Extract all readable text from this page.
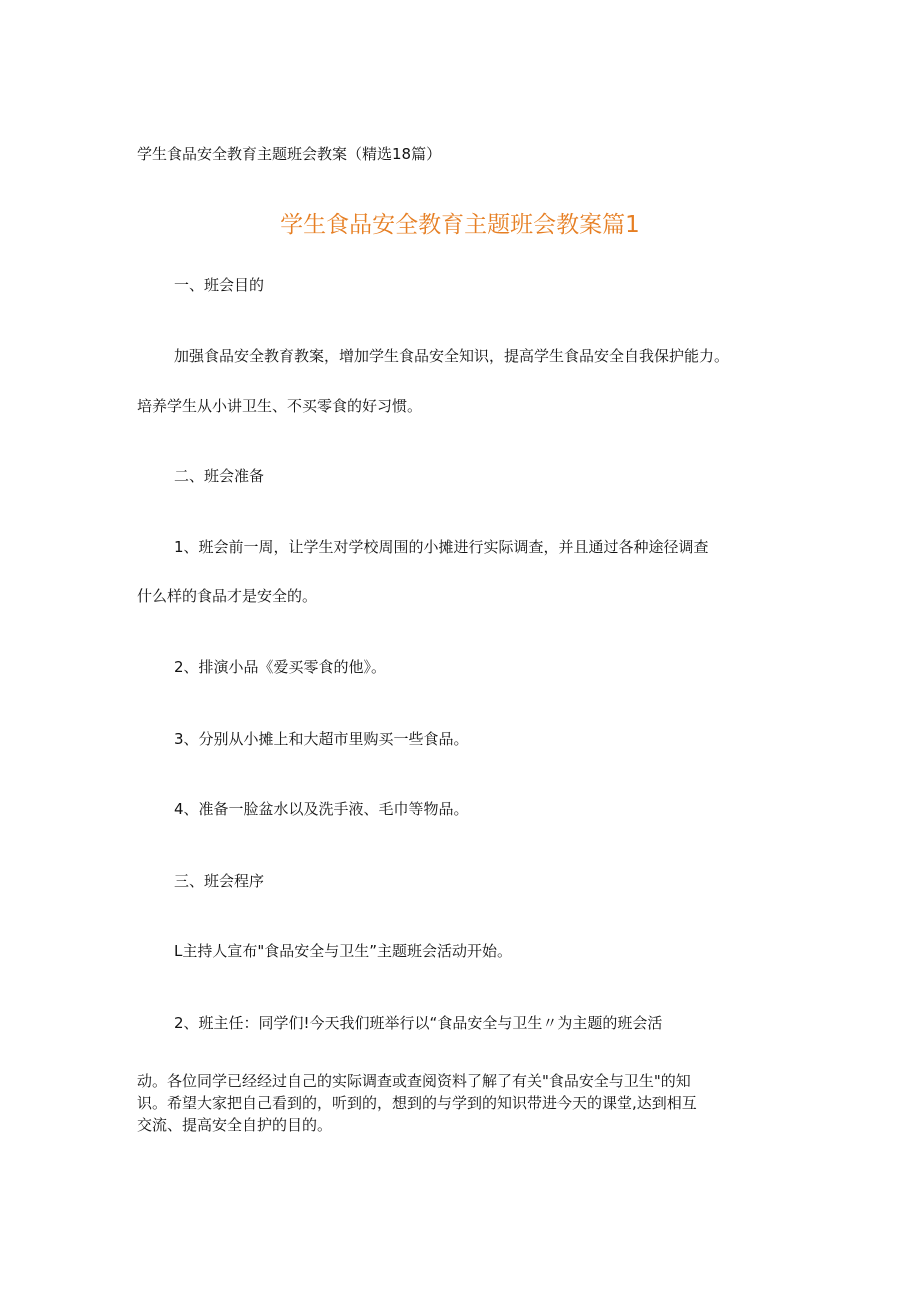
学生食品安全教育主题班会教案（精选18篇）

学生食品安全教育主题班会教案篇1

一、班会目的

加强食品安全教育教案，增加学生食品安全知识，提高学生食品安全自我保护能力。

培养学生从小讲卫生、不买零食的好习惯。

二、班会准备

1、班会前一周，让学生对学校周围的小摊进行实际调查，并且通过各种途径调查

什么样的食品才是安全的。

2、排演小品《爱买零食的他》。

3、分别从小摊上和大超市里购买一些食品。

4、准备一脸盆水以及洗手液、毛巾等物品。

三、班会程序

L主持人宣布"食品安全与卫生”主题班会活动开始。

2、班主任：同学们!今天我们班举行以“食品安全与卫生〃为主题的班会活

动。各位同学已经经过自己的实际调查或查阅资料了解了有关"食品安全与卫生"的知
识。希望大家把自己看到的，听到的，想到的与学到的知识带进今天的课堂,达到相互
交流、提高安全自护的目的。
